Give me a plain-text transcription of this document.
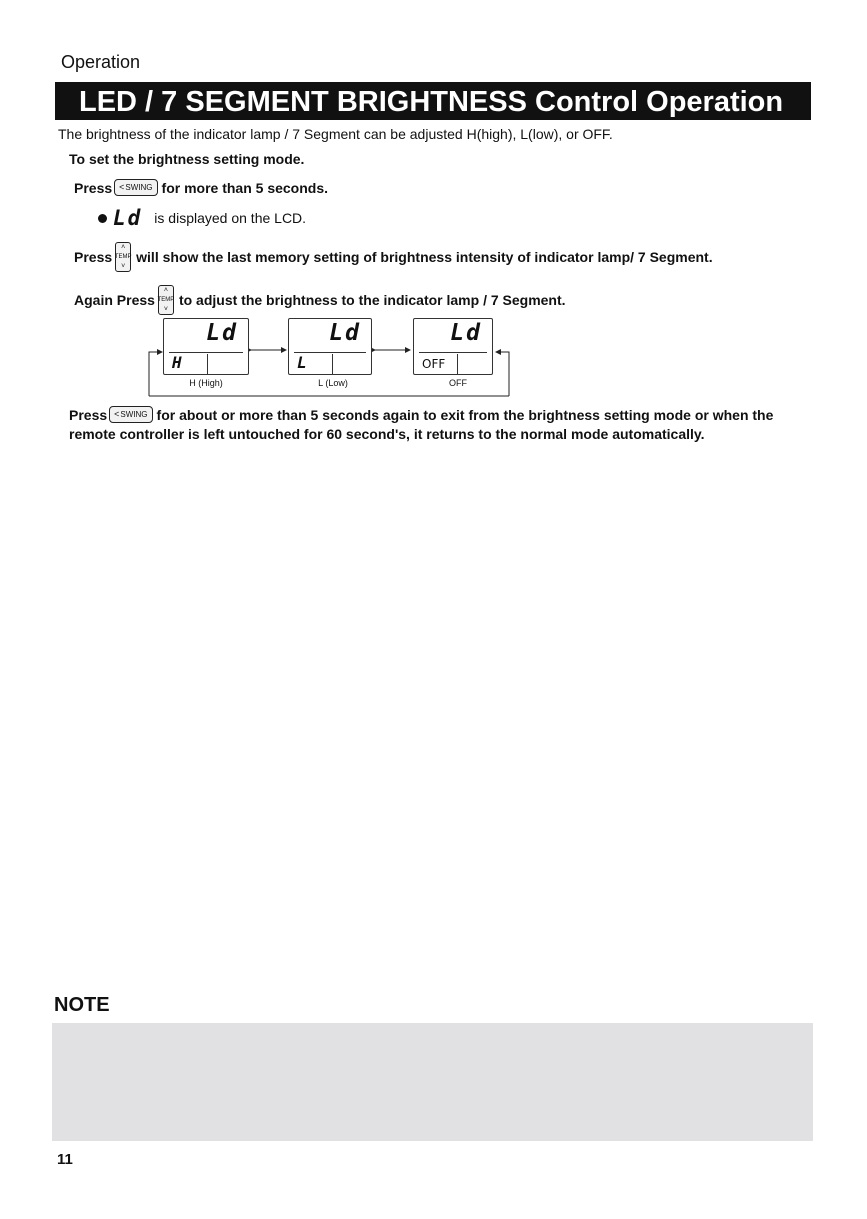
Operation
LED / 7 SEGMENT BRIGHTNESS Control Operation
The brightness of the indicator lamp / 7 Segment can be adjusted H(high), L(low), or OFF.
To set the brightness setting mode.
Press < SWING for more than 5 seconds.
Ld is displayed on the LCD.
Press
˄
TEMP
˅
will show the last memory setting of brightness intensity of indicator lamp/ 7 Segment.
Again Press
˄
TEMP
˅
to adjust the brightness to the indicator lamp / 7 Segment.
Ld
H
Ld
L
Ld
OFF
H (High)	L (Low)	OFF
Press < SWING for about or more than 5 seconds again to exit from the brightness setting mode or when the
remote controller is left untouched for 60 second's, it returns to the normal mode automatically.
NOTE
11
